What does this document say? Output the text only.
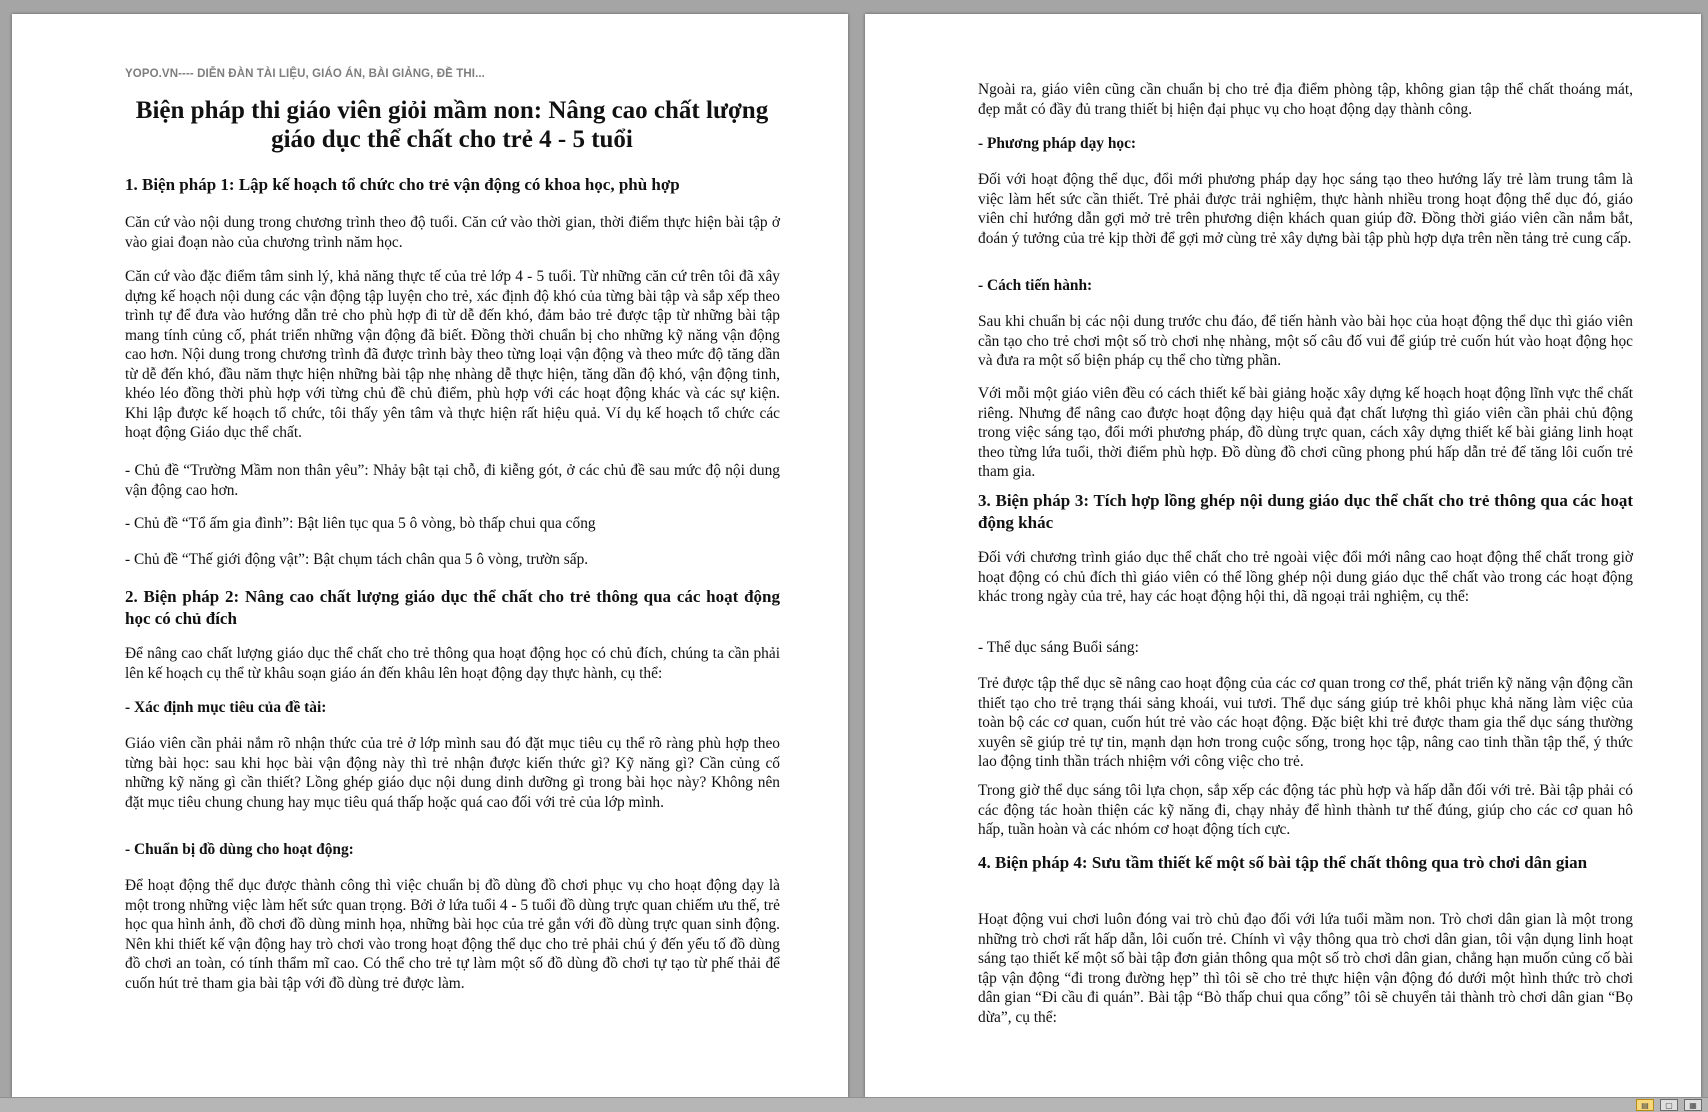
YOPO.VN---- DIỄN ĐÀN TÀI LIỆU, GIÁO ÁN, BÀI GIẢNG, ĐỀ THI...
Biện pháp thi giáo viên giỏi mầm non: Nâng cao chất lượng
giáo dục thể chất cho trẻ 4 - 5 tuổi
1. Biện pháp 1: Lập kế hoạch tổ chức cho trẻ vận động có khoa học, phù hợp

Căn cứ vào nội dung trong chương trình theo độ tuổi. Căn cứ vào thời gian, thời điểm thực hiện bài tập ở vào giai đoạn nào của chương trình năm học.

Căn cứ vào đặc điểm tâm sinh lý, khả năng thực tế của trẻ lớp 4 - 5 tuổi. Từ những căn cứ trên tôi đã xây dựng kế hoạch nội dung các vận động tập luyện cho trẻ, xác định độ khó của từng bài tập và sắp xếp theo trình tự để đưa vào hướng dẫn trẻ cho phù hợp đi từ dễ đến khó, đảm bảo trẻ được tập từ những bài tập mang tính củng cố, phát triển những vận động đã biết. Đồng thời chuẩn bị cho những kỹ năng vận động cao hơn. Nội dung trong chương trình đã được trình bày theo từng loại vận động và theo mức độ tăng dần từ dễ đến khó, đầu năm thực hiện những bài tập nhẹ nhàng dễ thực hiện, tăng dần độ khó, vận động tinh, khéo léo đồng thời phù hợp với từng chủ đề chủ điểm, phù hợp với các hoạt động khác và các sự kiện. Khi lập được kế hoạch tổ chức, tôi thấy yên tâm và thực hiện rất hiệu quả. Ví dụ kế hoạch tổ chức các hoạt động Giáo dục thể chất.

- Chủ đề “Trường Mầm non thân yêu”: Nhảy bật tại chỗ, đi kiễng gót, ở các chủ đề sau mức độ nội dung vận động cao hơn.

- Chủ đề “Tổ ấm gia đình”: Bật liên tục qua 5 ô vòng, bò thấp chui qua cổng

- Chủ đề “Thế giới động vật”: Bật chụm tách chân qua 5 ô vòng, trườn sấp.

2. Biện pháp 2: Nâng cao chất lượng giáo dục thể chất cho trẻ thông qua các hoạt động học có chủ đích

Để nâng cao chất lượng giáo dục thể chất cho trẻ thông qua hoạt động học có chủ đích, chúng ta cần phải lên kế hoạch cụ thể từ khâu soạn giáo án đến khâu lên hoạt động dạy thực hành, cụ thể:

- Xác định mục tiêu của đề tài:

Giáo viên cần phải nắm rõ nhận thức của trẻ ở lớp mình sau đó đặt mục tiêu cụ thể rõ ràng phù hợp theo từng bài học: sau khi học bài vận động này thì trẻ nhận được kiến thức gì? Kỹ năng gì? Cần củng cố những kỹ năng gì cần thiết? Lồng ghép giáo dục nội dung dinh dưỡng gì trong bài học này? Không nên đặt mục tiêu chung chung hay mục tiêu quá thấp hoặc quá cao đối với trẻ của lớp mình.

- Chuẩn bị đồ dùng cho hoạt động:

Để hoạt động thể dục được thành công thì việc chuẩn bị đồ dùng đồ chơi phục vụ cho hoạt động dạy là một trong những việc làm hết sức quan trọng. Bởi ở lứa tuổi 4 - 5 tuổi đồ dùng trực quan chiếm ưu thế, trẻ học qua hình ảnh, đồ chơi đồ dùng minh họa, những bài học của trẻ gắn với đồ dùng trực quan sinh động. Nên khi thiết kế vận động hay trò chơi vào trong hoạt động thể dục cho trẻ phải chú ý đến yếu tố đồ dùng đồ chơi an toàn, có tính thẩm mĩ cao. Có thể cho trẻ tự làm một số đồ dùng đồ chơi tự tạo từ phế thải để cuốn hút trẻ tham gia bài tập với đồ dùng trẻ được làm.

Ngoài ra, giáo viên cũng cần chuẩn bị cho trẻ địa điểm phòng tập, không gian tập thể chất thoáng mát, đẹp mắt có đầy đủ trang thiết bị hiện đại phục vụ cho hoạt động dạy thành công.

- Phương pháp dạy học:

Đối với hoạt động thể dục, đổi mới phương pháp dạy học sáng tạo theo hướng lấy trẻ làm trung tâm là việc làm hết sức cần thiết. Trẻ phải được trải nghiệm, thực hành nhiều trong hoạt động thể dục đó, giáo viên chỉ hướng dẫn gợi mở trẻ trên phương diện khách quan giúp đỡ. Đồng thời giáo viên cần nắm bắt, đoán ý tưởng của trẻ kịp thời để gợi mở cùng trẻ xây dựng bài tập phù hợp dựa trên nền tảng trẻ cung cấp.

- Cách tiến hành:

Sau khi chuẩn bị các nội dung trước chu đáo, để tiến hành vào bài học của hoạt động thể dục thì giáo viên cần tạo cho trẻ chơi một số trò chơi nhẹ nhàng, một số câu đố vui để giúp trẻ cuốn hút vào hoạt động học và đưa ra một số biện pháp cụ thể cho từng phần.

Với mỗi một giáo viên đều có cách thiết kế bài giảng hoặc xây dựng kế hoạch hoạt động lĩnh vực thể chất riêng. Nhưng để nâng cao được hoạt động dạy hiệu quả đạt chất lượng thì giáo viên cần phải chủ động trong việc sáng tạo, đổi mới phương pháp, đồ dùng trực quan, cách xây dựng thiết kế bài giảng linh hoạt theo từng lứa tuổi, thời điểm phù hợp. Đồ dùng đồ chơi cũng phong phú hấp dẫn trẻ để tăng lôi cuốn trẻ tham gia.

3. Biện pháp 3: Tích hợp lồng ghép nội dung giáo dục thể chất cho trẻ thông qua các hoạt động khác

Đối với chương trình giáo dục thể chất cho trẻ ngoài việc đổi mới nâng cao hoạt động thể chất trong giờ hoạt động có chủ đích thì giáo viên có thể lồng ghép nội dung giáo dục thể chất vào trong các hoạt động khác trong ngày của trẻ, hay các hoạt động hội thi, dã ngoại trải nghiệm, cụ thể:

- Thể dục sáng Buổi sáng:

Trẻ được tập thể dục sẽ nâng cao hoạt động của các cơ quan trong cơ thể, phát triển kỹ năng vận động cần thiết tạo cho trẻ trạng thái sảng khoái, vui tươi. Thể dục sáng giúp trẻ khôi phục khả năng làm việc của toàn bộ các cơ quan, cuốn hút trẻ vào các hoạt động. Đặc biệt khi trẻ được tham gia thể dục sáng thường xuyên sẽ giúp trẻ tự tin, mạnh dạn hơn trong cuộc sống, trong học tập, nâng cao tinh thần tập thể, ý thức lao động tinh thần trách nhiệm với công việc cho trẻ.

Trong giờ thể dục sáng tôi lựa chọn, sắp xếp các động tác phù hợp và hấp dẫn đối với trẻ. Bài tập phải có các động tác hoàn thiện các kỹ năng đi, chạy nhảy để hình thành tư thế đúng, giúp cho các cơ quan hô hấp, tuần hoàn và các nhóm cơ hoạt động tích cực.

4. Biện pháp 4: Sưu tầm thiết kế một số bài tập thể chất thông qua trò chơi dân gian

Hoạt động vui chơi luôn đóng vai trò chủ đạo đối với lứa tuổi mầm non. Trò chơi dân gian là một trong những trò chơi rất hấp dẫn, lôi cuốn trẻ. Chính vì vậy thông qua trò chơi dân gian, tôi vận dụng linh hoạt sáng tạo thiết kế một số bài tập đơn giản thông qua một số trò chơi dân gian, chẳng hạn muốn củng cố bài tập vận động “đi trong đường hẹp” thì tôi sẽ cho trẻ thực hiện vận động đó dưới một hình thức trò chơi dân gian “Đi cầu đi quán”. Bài tập “Bò thấp chui qua cổng” tôi sẽ chuyển tải thành trò chơi dân gian “Bọ dừa”, cụ thể:

▤	▢	▦
